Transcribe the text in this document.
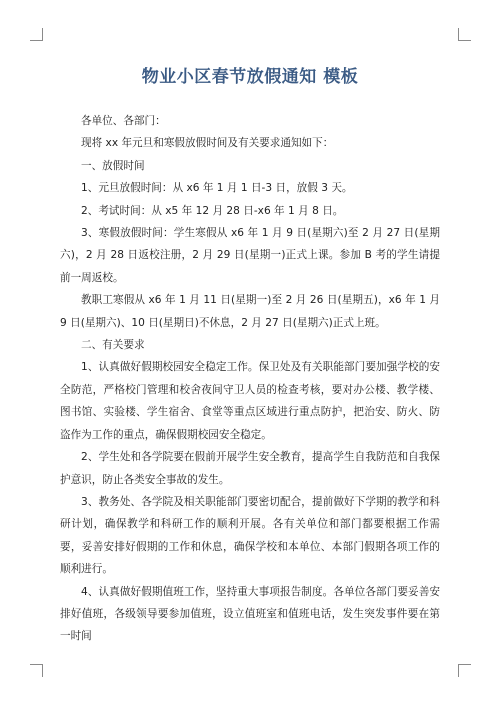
物业小区春节放假通知 模板

各单位、各部门：

现将 xx 年元旦和寒假放假时间及有关要求通知如下：

一、放假时间

1、元旦放假时间：从 x6 年 1 月 1 日-3 日，放假 3 天。

2、考试时间：从 x5 年 12 月 28 日-x6 年 1 月 8 日。

3、寒假放假时间：学生寒假从 x6 年 1 月 9 日(星期六)至 2 月 27 日(星期六)，2 月 28 日返校注册，2 月 29 日(星期一)正式上课。参加 B 考的学生请提前一周返校。

教职工寒假从 x6 年 1 月 11 日(星期一)至 2 月 26 日(星期五)，x6 年 1 月 9 日(星期六)、10 日(星期日)不休息，2 月 27 日(星期六)正式上班。

二、有关要求

1、认真做好假期校园安全稳定工作。保卫处及有关职能部门要加强学校的安全防范，严格校门管理和校舍夜间守卫人员的检查考核，要对办公楼、教学楼、图书馆、实验楼、学生宿舍、食堂等重点区域进行重点防护，把治安、防火、防盗作为工作的重点，确保假期校园安全稳定。

2、学生处和各学院要在假前开展学生安全教育，提高学生自我防范和自我保护意识，防止各类安全事故的发生。

3、教务处、各学院及相关职能部门要密切配合，提前做好下学期的教学和科研计划，确保教学和科研工作的顺利开展。各有关单位和部门都要根据工作需要，妥善安排好假期的工作和休息，确保学校和本单位、本部门假期各项工作的顺利进行。

4、认真做好假期值班工作，坚持重大事项报告制度。各单位各部门要妥善安排好值班，各级领导要参加值班，设立值班室和值班电话，发生突发事件要在第一时间
